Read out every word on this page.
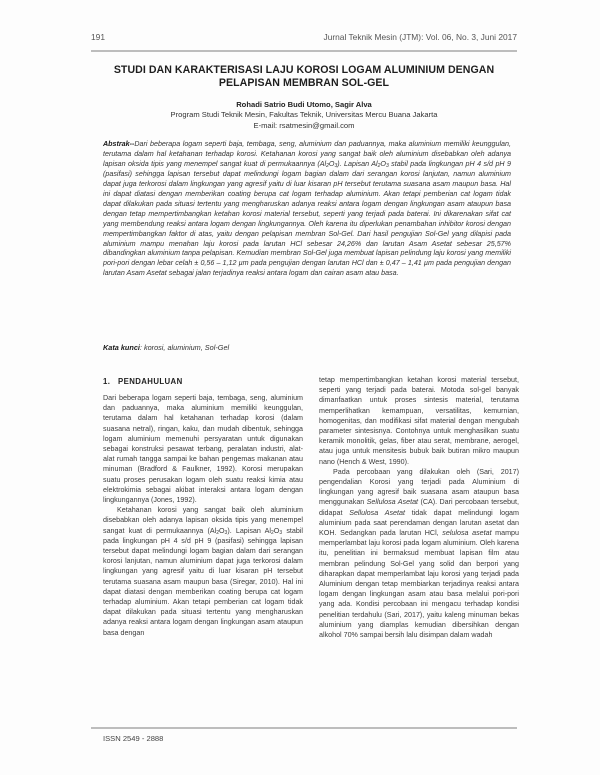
191	Jurnal Teknik Mesin (JTM): Vol. 06, No. 3, Juni 2017
STUDI DAN KARAKTERISASI LAJU KOROSI LOGAM ALUMINIUM DENGAN
PELAPISAN MEMBRAN SOL-GEL
Rohadi Satrio Budi Utomo, Sagir Alva
Program Studi Teknik Mesin, Fakultas Teknik, Universitas Mercu Buana Jakarta
E-mail: rsatmesin@gmail.com
Abstrak--Dari beberapa logam seperti baja, tembaga, seng, aluminium dan paduannya, maka aluminium memiliki keunggulan, terutama dalam hal ketahanan terhadap korosi. Ketahanan korosi yang sangat baik oleh aluminium disebabkan oleh adanya lapisan oksida tipis yang menempel sangat kuat di permukaannya $(Al_2O_3)$. Lapisan $Al_2O_3$ stabil pada lingkungan pH 4 s/d pH 9 (pasifasi) sehingga lapisan tersebut dapat melindungi logam bagian dalam dari serangan korosi lanjutan, namun aluminium dapat juga terkorosi dalam lingkungan yang agresif yaitu di luar kisaran pH tersebut terutama suasana asam maupun basa. Hal ini dapat diatasi dengan memberikan coating berupa cat logam terhadap aluminium. Akan tetapi pemberian cat logam tidak dapat dilakukan pada situasi tertentu yang mengharuskan adanya reaksi antara logam dengan lingkungan asam ataupun basa dengan tetap mempertimbangkan ketahan korosi material tersebut, seperti yang terjadi pada baterai. Ini dikarenakan sifat cat yang membendung reaksi antara logam dengan lingkungannya. Oleh karena itu diperlukan penambahan inhibitor korosi dengan mempertimbangkan faktor di atas, yaitu dengan pelapisan membran Sol-Gel. Dari hasil pengujian Sol-Gel yang dilapisi pada aluminium mampu menahan laju korosi pada larutan HCl sebesar 24,26% dan larutan Asam Asetat sebesar 25,57% dibandingkan aluminium tanpa pelapisan. Kemudian membran Sol-Gel juga membuat lapisan pelindung laju korosi yang memiliki pori-pori dengan lebar celah ± 0,56 – 1,12 µm pada pengujian dengan larutan HCl dan ± 0,47 – 1,41 µm pada pengujian dengan larutan Asam Asetat sebagai jalan terjadinya reaksi antara logam dan cairan asam atau basa.
Kata kunci: korosi, aluminium, Sol-Gel
1.   PENDAHULUAN

Dari beberapa logam seperti baja, tembaga, seng, aluminium dan paduannya, maka aluminium memiliki keunggulan, terutama dalam hal ketahanan terhadap korosi (dalam suasana netral), ringan, kaku, dan mudah dibentuk, sehingga logam aluminium memenuhi persyaratan untuk digunakan sebagai konstruksi pesawat terbang, peralatan industri, alat-alat rumah tangga sampai ke bahan pengemas makanan atau minuman (Bradford & Faulkner, 1992). Korosi merupakan suatu proses perusakan logam oleh suatu reaksi kimia atau elektrokimia sebagai akibat interaksi antara logam dengan lingkungannya (Jones, 1992).

Ketahanan korosi yang sangat baik oleh aluminium disebabkan oleh adanya lapisan oksida tipis yang menempel sangat kuat di permukaannya $(Al_2O_3)$. Lapisan $Al_2O_3$ stabil pada lingkungan pH 4 s/d pH 9 (pasifasi) sehingga lapisan tersebut dapat melindungi logam bagian dalam dari serangan korosi lanjutan, namun aluminium dapat juga terkorosi dalam lingkungan yang agresif yaitu di luar kisaran pH tersebut terutama suasana asam maupun basa (Siregar, 2010). Hal ini dapat diatasi dengan memberikan coating berupa cat logam terhadap aluminium. Akan tetapi pemberian cat logam tidak dapat dilakukan pada situasi tertentu yang mengharuskan adanya reaksi antara logam dengan lingkungan asam ataupun basa dengan

tetap mempertimbangkan ketahan korosi material tersebut, seperti yang terjadi pada baterai. Motoda sol-gel banyak dimanfaatkan untuk proses sintesis material, terutama memperlihatkan kemampuan, versatilitas, kemurnian, homogenitas, dan modifikasi sifat material dengan mengubah parameter sintesisnya. Contohnya untuk menghasilkan suatu keramik monolitik, gelas, fiber atau serat, membrane, aerogel, atau juga untuk mensitesis bubuk baik butiran mikro maupun nano (Hench & West, 1990).

Pada percobaan yang dilakukan oleh (Sari, 2017) pengendalian Korosi yang terjadi pada Aluminium di lingkungan yang agresif baik suasana asam ataupun basa menggunakan Sellulosa Asetat (CA). Dari percobaan tersebut, didapat Sellulosa Asetat tidak dapat melindungi logam aluminium pada saat perendaman dengan larutan asetat dan KOH. Sedangkan pada larutan HCl, selulosa asetat mampu memperlambat laju korosi pada logam aluminium. Oleh karena itu, penelitian ini bermaksud membuat lapisan film atau membran pelindung Sol-Gel yang solid dan berpori yang diharapkan dapat memperlambat laju korosi yang terjadi pada Aluminium dengan tetap membiarkan terjadinya reaksi antara logam dengan lingkungan asam atau basa melalui pori-pori yang ada. Kondisi percobaan ini mengacu terhadap kondisi penelitian terdahulu (Sari, 2017), yaitu kaleng minuman bekas aluminium yang diamplas kemudian dibersihkan dengan alkohol 70% sampai bersih lalu disimpan dalam wadah

ISSN 2549 - 2888
